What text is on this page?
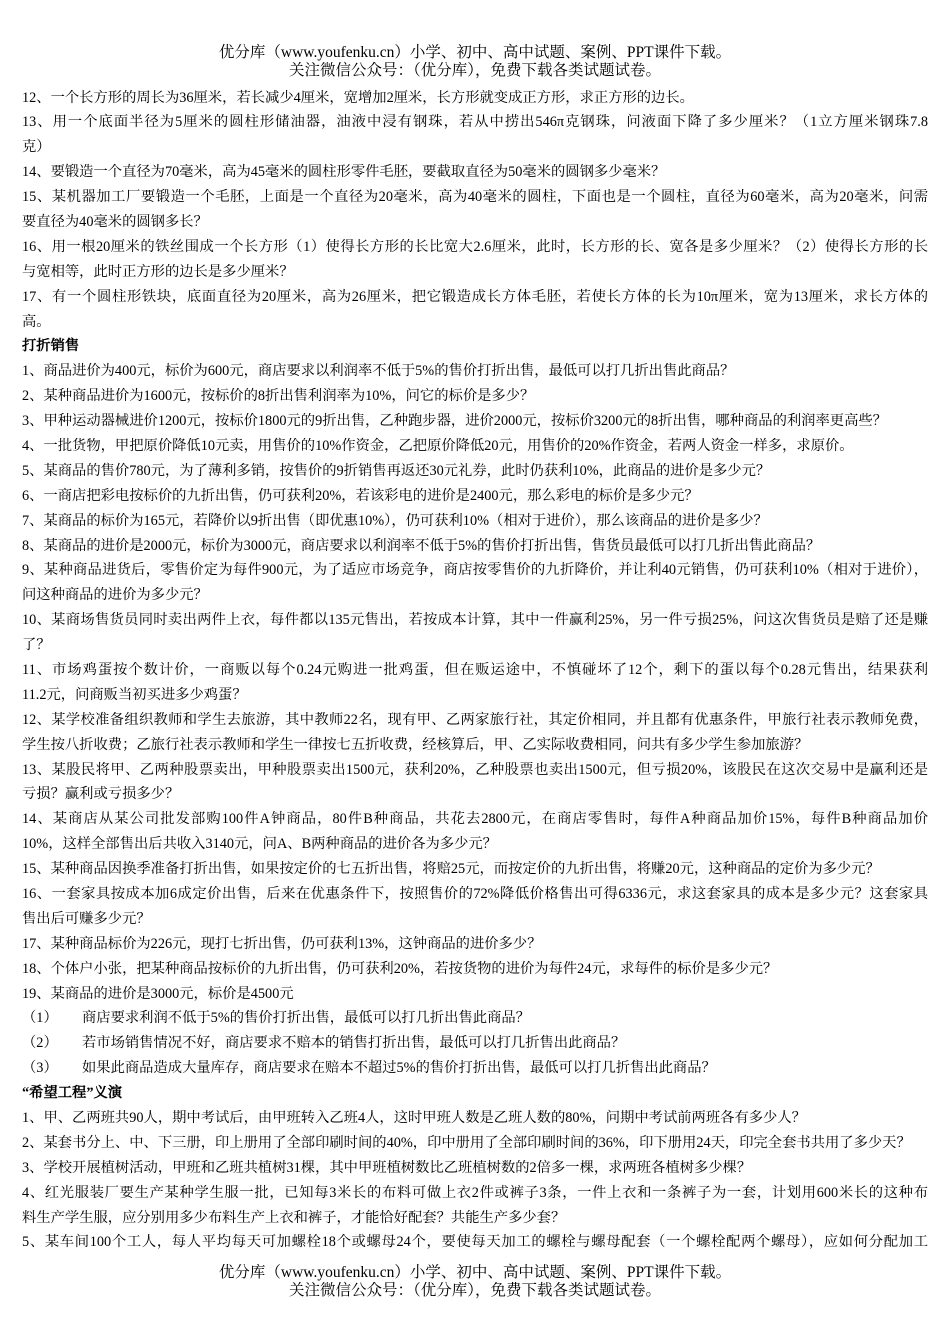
优分库（www.youfenku.cn）小学、初中、高中试题、案例、PPT课件下载。
关注微信公众号：（优分库），免费下载各类试题试卷。
12、一个长方形的周长为36厘米，若长减少4厘米，宽增加2厘米，长方形就变成正方形，求正方形的边长。
13、用一个底面半径为5厘米的圆柱形储油器，油液中浸有钢珠，若从中捞出546π克钢珠，问液面下降了多少厘米？（1立方厘米钢珠7.8
克）
14、要锻造一个直径为70毫米，高为45毫米的圆柱形零件毛胚，要截取直径为50毫米的圆钢多少毫米？
15、某机器加工厂要锻造一个毛胚，上面是一个直径为20毫米，高为40毫米的圆柱，下面也是一个圆柱，直径为60毫米，高为20毫米，问需
要直径为40毫米的圆钢多长？
16、用一根20厘米的铁丝围成一个长方形（1）使得长方形的长比宽大2.6厘米，此时，长方形的长、宽各是多少厘米？（2）使得长方形的长
与宽相等，此时正方形的边长是多少厘米？
17、有一个圆柱形铁块，底面直径为20厘米，高为26厘米，把它锻造成长方体毛胚，若使长方体的长为10π厘米，宽为13厘米，求长方体的
高。
打折销售
1、商品进价为400元，标价为600元，商店要求以利润率不低于5%的售价打折出售，最低可以打几折出售此商品？
2、某种商品进价为1600元，按标价的8折出售利润率为10%，问它的标价是多少？
3、甲种运动器械进价1200元，按标价1800元的9折出售，乙种跑步器，进价2000元，按标价3200元的8折出售，哪种商品的利润率更高些？
4、一批货物，甲把原价降低10元卖，用售价的10%作资金，乙把原价降低20元，用售价的20%作资金，若两人资金一样多，求原价。
5、某商品的售价780元，为了薄利多销，按售价的9折销售再返还30元礼券，此时仍获利10%，此商品的进价是多少元？
6、一商店把彩电按标价的九折出售，仍可获利20%，若该彩电的进价是2400元，那么彩电的标价是多少元？
7、某商品的标价为165元，若降价以9折出售（即优惠10%），仍可获利10%（相对于进价），那么该商品的进价是多少？
8、某商品的进价是2000元，标价为3000元，商店要求以利润率不低于5%的售价打折出售，售货员最低可以打几折出售此商品？
9、某种商品进货后，零售价定为每件900元，为了适应市场竞争，商店按零售价的九折降价，并让利40元销售，仍可获利10%（相对于进价），
问这种商品的进价为多少元？
10、某商场售货员同时卖出两件上衣，每件都以135元售出，若按成本计算，其中一件赢利25%，另一件亏损25%，问这次售货员是赔了还是赚
了？
11、市场鸡蛋按个数计价，一商贩以每个0.24元购进一批鸡蛋，但在贩运途中，不慎碰坏了12个，剩下的蛋以每个0.28元售出，结果获利
11.2元，问商贩当初买进多少鸡蛋？
12、某学校准备组织教师和学生去旅游，其中教师22名，现有甲、乙两家旅行社，其定价相同，并且都有优惠条件，甲旅行社表示教师免费，
学生按八折收费；乙旅行社表示教师和学生一律按七五折收费，经核算后，甲、乙实际收费相同，问共有多少学生参加旅游？
13、某股民将甲、乙两种股票卖出，甲种股票卖出1500元，获利20%，乙种股票也卖出1500元，但亏损20%，该股民在这次交易中是赢利还是
亏损？赢利或亏损多少？
14、某商店从某公司批发部购100件A钟商品，80件B种商品，共花去2800元，在商店零售时，每件A种商品加价15%，每件B种商品加价
10%，这样全部售出后共收入3140元，问A、B两种商品的进价各为多少元？
15、某种商品因换季准备打折出售，如果按定价的七五折出售，将赔25元，而按定价的九折出售，将赚20元，这种商品的定价为多少元？
16、一套家具按成本加6成定价出售，后来在优惠条件下，按照售价的72%降低价格售出可得6336元，求这套家具的成本是多少元？这套家具
售出后可赚多少元？
17、某种商品标价为226元，现打七折出售，仍可获利13%，这钟商品的进价多少？
18、个体户小张，把某种商品按标价的九折出售，仍可获利20%，若按货物的进价为每件24元，求每件的标价是多少元？
19、某商品的进价是3000元，标价是4500元
（1） 商店要求利润不低于5%的售价打折出售，最低可以打几折出售此商品？
（2） 若市场销售情况不好，商店要求不赔本的销售打折出售，最低可以打几折售出此商品？
（3） 如果此商品造成大量库存，商店要求在赔本不超过5%的售价打折出售，最低可以打几折售出此商品？
“希望工程”义演
1、甲、乙两班共90人，期中考试后，由甲班转入乙班4人，这时甲班人数是乙班人数的80%，问期中考试前两班各有多少人？
2、某套书分上、中、下三册，印上册用了全部印刷时间的40%，印中册用了全部印刷时间的36%，印下册用24天，印完全套书共用了多少天？
3、学校开展植树活动，甲班和乙班共植树31棵，其中甲班植树数比乙班植树数的2倍多一棵，求两班各植树多少棵？
4、红光服装厂要生产某种学生服一批，已知每3米长的布料可做上衣2件或裤子3条，一件上衣和一条裤子为一套，计划用600米长的这种布
料生产学生服，应分别用多少布料生产上衣和裤子，才能恰好配套？共能生产多少套？
5、某车间100个工人，每人平均每天可加螺栓18个或螺母24个，要使每天加工的螺栓与螺母配套（一个螺栓配两个螺母），应如何分配加工
优分库（www.youfenku.cn）小学、初中、高中试题、案例、PPT课件下载。
关注微信公众号：（优分库），免费下载各类试题试卷。
